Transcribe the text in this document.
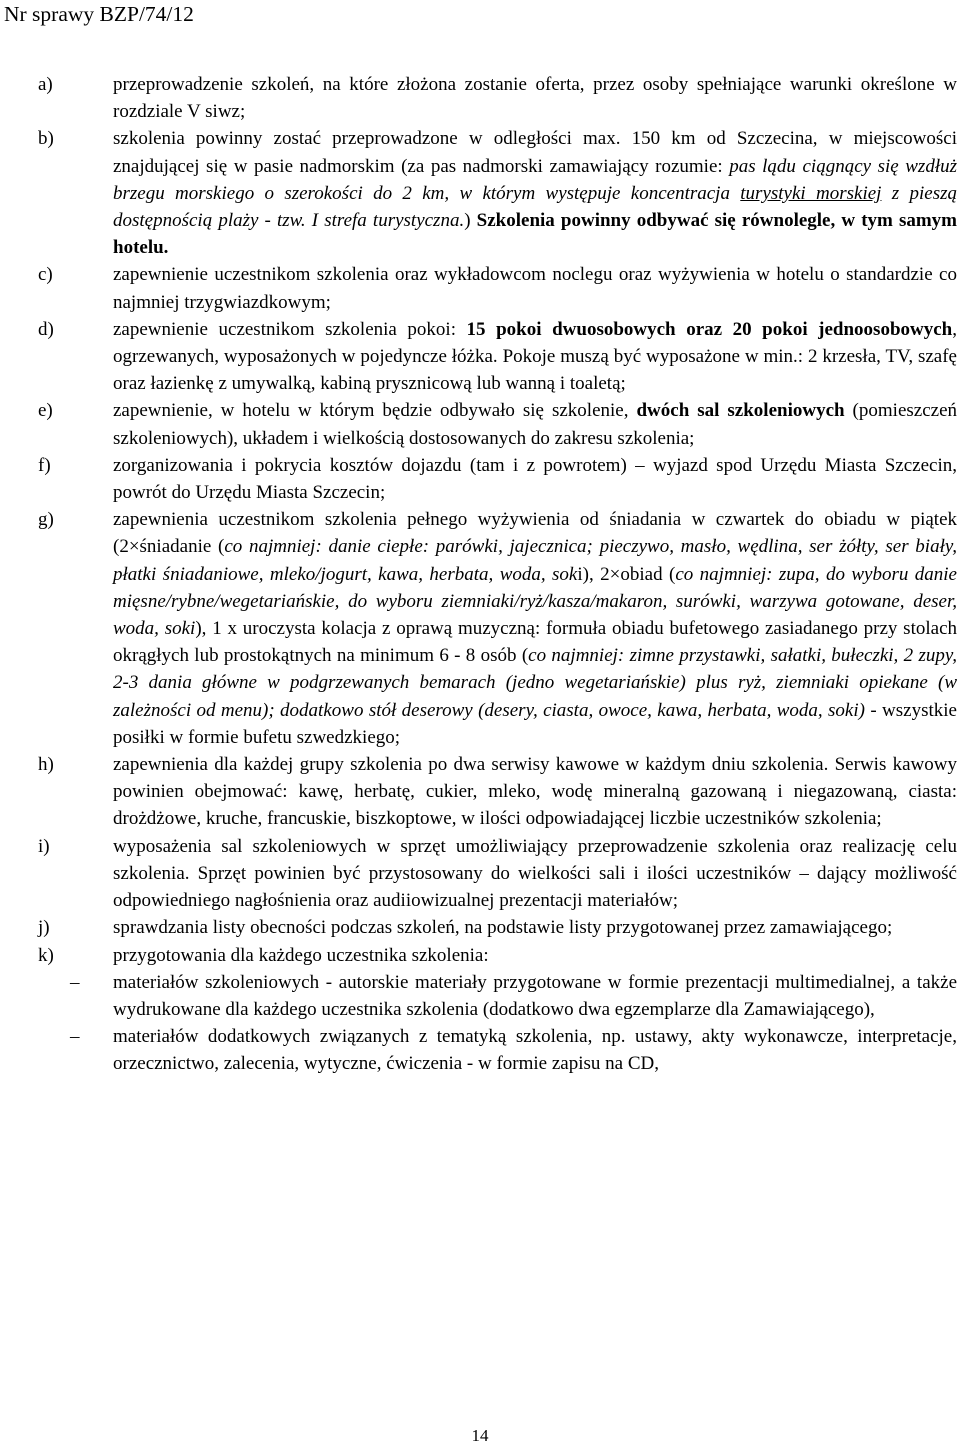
Nr sprawy BZP/74/12
a)	przeprowadzenie szkoleń, na które złożona zostanie oferta, przez osoby spełniające warunki określone w rozdziale V siwz;
b)	szkolenia powinny zostać przeprowadzone w odległości max. 150 km od Szczecina, w miejscowości znajdującej się w pasie nadmorskim (za pas nadmorski zamawiający rozumie: pas lądu ciągnący się wzdłuż brzegu morskiego o szerokości do 2 km, w którym występuje koncentracja turystyki morskiej z pieszą dostępnością plaży - tzw. I strefa turystyczna.) Szkolenia powinny odbywać się równolegle, w tym samym hotelu.
c)	zapewnienie uczestnikom szkolenia oraz wykładowcom noclegu oraz wyżywienia w hotelu o standardzie co najmniej trzygwiazdkowym;
d)	zapewnienie uczestnikom szkolenia pokoi: 15 pokoi dwuosobowych oraz 20 pokoi jednoosobowych, ogrzewanych, wyposażonych w pojedyncze łóżka. Pokoje muszą być wyposażone w min.: 2 krzesła, TV, szafę oraz łazienkę z umywalką, kabiną prysznicową lub wanną i toaletą;
e)	zapewnienie, w hotelu w którym będzie odbywało się szkolenie, dwóch sal szkoleniowych (pomieszczeń szkoleniowych), układem i wielkością dostosowanych do zakresu szkolenia;
f)	zorganizowania i pokrycia kosztów dojazdu (tam i z powrotem) – wyjazd spod Urzędu Miasta Szczecin, powrót do Urzędu Miasta Szczecin;
g)	zapewnienia uczestnikom szkolenia pełnego wyżywienia od śniadania w czwartek do obiadu w piątek (2×śniadanie (co najmniej: danie ciepłe: parówki, jajecznica; pieczywo, masło, wędlina, ser żółty, ser biały, płatki śniadaniowe, mleko/jogurt, kawa, herbata, woda, soki), 2×obiad (co najmniej: zupa, do wyboru danie mięsne/rybne/wegetariańskie, do wyboru ziemniaki/ryż/kasza/makaron, surówki, warzywa gotowane, deser, woda, soki), 1 x uroczysta kolacja z oprawą muzyczną: formuła obiadu bufetowego zasiadanego przy stolach okrągłych lub prostokątnych na minimum 6 - 8 osób (co najmniej: zimne przystawki, sałatki, bułeczki, 2 zupy, 2-3 dania główne w podgrzewanych bemarach (jedno wegetariańskie) plus ryż, ziemniaki opiekane (w zależności od menu); dodatkowo stół deserowy (desery, ciasta, owoce, kawa, herbata, woda, soki) - wszystkie posiłki w formie bufetu szwedzkiego;
h)	zapewnienia dla każdej grupy szkolenia po dwa serwisy kawowe w każdym dniu szkolenia. Serwis kawowy powinien obejmować: kawę, herbatę, cukier, mleko, wodę mineralną gazowaną i niegazowaną, ciasta: drożdżowe, kruche, francuskie, biszkoptowe, w ilości odpowiadającej liczbie uczestników szkolenia;
i)	wyposażenia sal szkoleniowych w sprzęt umożliwiający przeprowadzenie szkolenia oraz realizację celu szkolenia. Sprzęt powinien być przystosowany do wielkości sali i ilości uczestników – dający możliwość odpowiedniego nagłośnienia oraz audiiowizualnej prezentacji materiałów;
j)	sprawdzania listy obecności podczas szkoleń, na podstawie listy przygotowanej przez zamawiającego;
k)	przygotowania dla każdego uczestnika szkolenia:
– materiałów szkoleniowych - autorskie materiały przygotowane w formie prezentacji multimedialnej, a także wydrukowane dla każdego uczestnika szkolenia (dodatkowo dwa egzemplarze dla Zamawiającego),
– materiałów dodatkowych związanych z tematyką szkolenia, np. ustawy, akty wykonawcze, interpretacje, orzecznictwo, zalecenia, wytyczne, ćwiczenia - w formie zapisu na CD,
14
